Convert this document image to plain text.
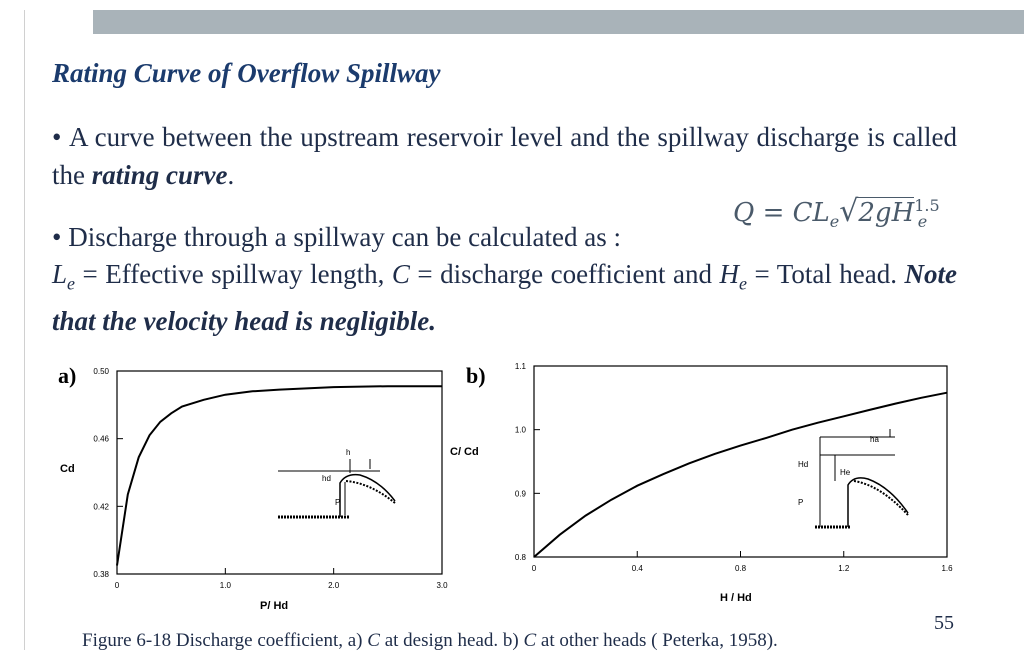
Rating Curve of Overflow Spillway
• A curve between the upstream reservoir level and the spillway discharge is called the rating curve.
• Discharge through a spillway can be calculated as :
$Q = CL_e√2gH^{1.5}_e$
$L_e$ = Effective spillway length, C = discharge coefficient and $H_e$ = Total head. Note that the velocity head is negligible.
a)	b)
0	1.0	2.0	3.0
0.38
0.42
0.46
0.50
Cd
P/ Hd
h
hd
P
0	0.4	0.8	1.2	1.6
0.8
0.9
1.0
1.1
C/ Cd
H / Hd
ha
Hd
He
P
Figure 6-18 Discharge coefficient, a) C at design head. b) C at other heads ( Peterka, 1958).
55
